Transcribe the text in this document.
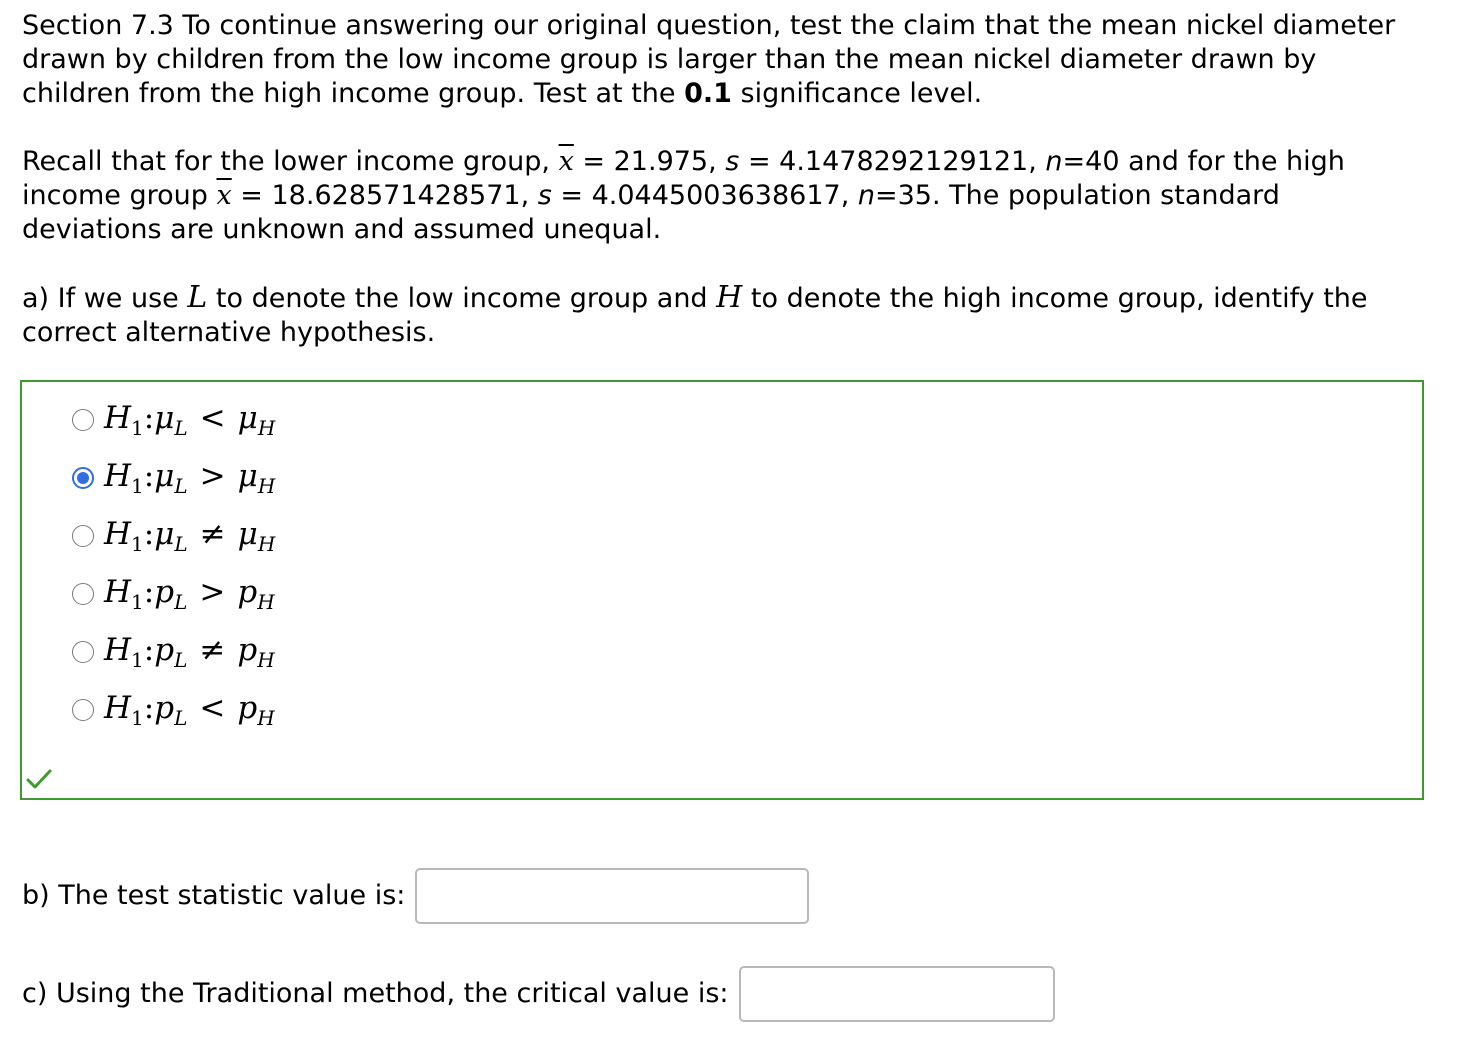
Section 7.3 To continue answering our original question, test the claim that the mean nickel diameter drawn by children from the low income group is larger than the mean nickel diameter drawn by children from the high income group. Test at the 0.1 significance level.

Recall that for the lower income group, $\overline{x} = 21.975$, s = 4.1478292129121, n=40 and for the high income group $\overline{x} = 18.628571428571$, s = 4.0445003638617, n=35. The population standard deviations are unknown and assumed unequal.

a) If we use L to denote the low income group and H to denote the high income group, identify the correct alternative hypothesis.

$H_1:\mu_L < \mu_H$
$H_1:\mu_L > \mu_H$
$H_1:\mu_L \ne \mu_H$
$H_1:p_L > p_H$
$H_1:p_L \ne p_H$
$H_1:p_L < p_H$
b) The test statistic value is:
c) Using the Traditional method, the critical value is:
